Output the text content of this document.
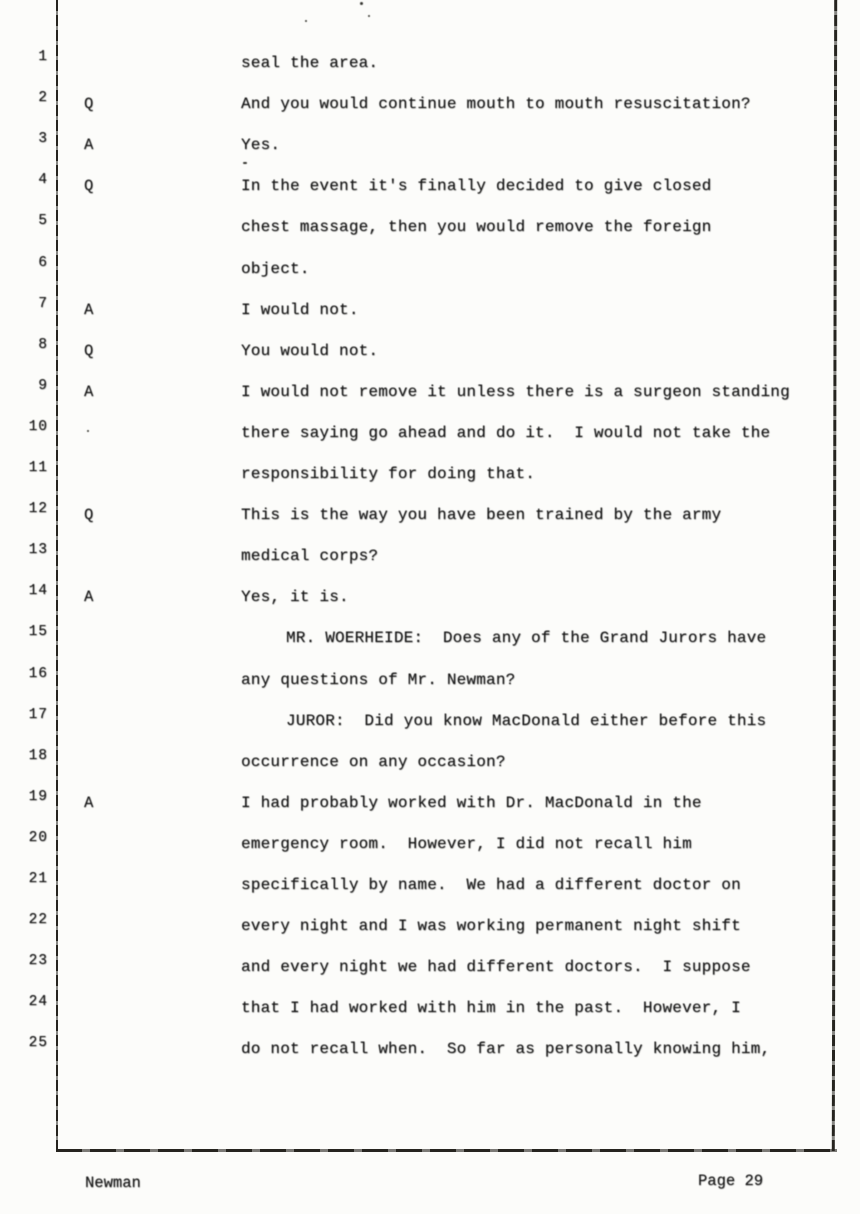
1	seal the area.
2 Q	And you would continue mouth to mouth resuscitation?
3 A	Yes.
4 Q	In the event it's finally decided to give closed
5	chest massage, then you would remove the foreign
6	object.
7 A	I would not.
8 Q	You would not.
9 A	I would not remove it unless there is a surgeon standing
10	there saying go ahead and do it.  I would not take the
11	responsibility for doing that.
12 Q	This is the way you have been trained by the army
13	medical corps?
14 A	Yes, it is.
15	MR. WOERHEIDE:  Does any of the Grand Jurors have
16	any questions of Mr. Newman?
17	JUROR:  Did you know MacDonald either before this
18	occurrence on any occasion?
19 A	I had probably worked with Dr. MacDonald in the
20	emergency room.  However, I did not recall him
21	specifically by name.  We had a different doctor on
22	every night and I was working permanent night shift
23	and every night we had different doctors.  I suppose
24	that I had worked with him in the past.  However, I
25	do not recall when.  So far as personally knowing him,
Newman	Page 29
